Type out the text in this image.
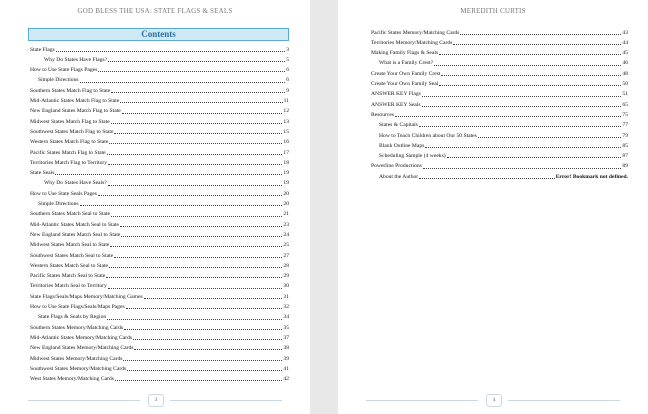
GOD BLESS THE USA: STATE FLAGS & SEALS
Contents
State Flags	3
Why Do States Have Flags?	5
How to Use State Flags Pages	6
Simple Directions	6
Southern States Match Flag to State	9
Mid-Atlantic States Match Flag to State	11
New England States Match Flag to State	12
Midwest States Match Flag to State	13
Southwest States Match Flag to State	15
Western States Match Flag to State	16
Pacific States Match Flag to State	17
Territories Match Flag to Territory	18
State Seals	19
Why Do States Have Seals?	19
How to Use State Seals Pages	20
Simple Directions	20
Southern States Match Seal to State	21
Mid-Atlantic States Match Seal to State	23
New England States Match Seal to State	24
Midwest States Match Seal to State	25
Southwest States Match Seal to State	27
Western States Match Seal to State	28
Pacific States Match Seal to State	29
Territories Match Seal to Territory	30
State Flags/Seals/Maps Memory/Matching Games	31
How to Use State Flags/Seals/Maps Pages	32
State Flags & Seals by Region	34
Southern States Memory/Matching Cards	35
Mid-Atlantic States Memory/Matching Cards	37
New England States Memory/Matching Cards	38
Midwest States Memory/Matching Cards	39
Southwest States Memory/Matching Cards	41
West States Memory/Matching Cards	42
3
MEREDITH CURTIS
Pacific States Memory/Matching Cards	43
Territories Memory/Matching Cards	44
Making Family Flags & Seals	45
What is a Family Crest?	46
Create Your Own Family Crest	48
Create Your Own Family Seal	50
ANSWER KEY Flags	51
ANSWER KEY Seals	65
Resources	75
States & Capitals	77
How to Teach Children about Our 50 States	79
Blank Outline Maps	85
Scheduling Sample (4 weeks)	87
Powerline Productions	89
About the Author	Error! Bookmark not defined.
4
